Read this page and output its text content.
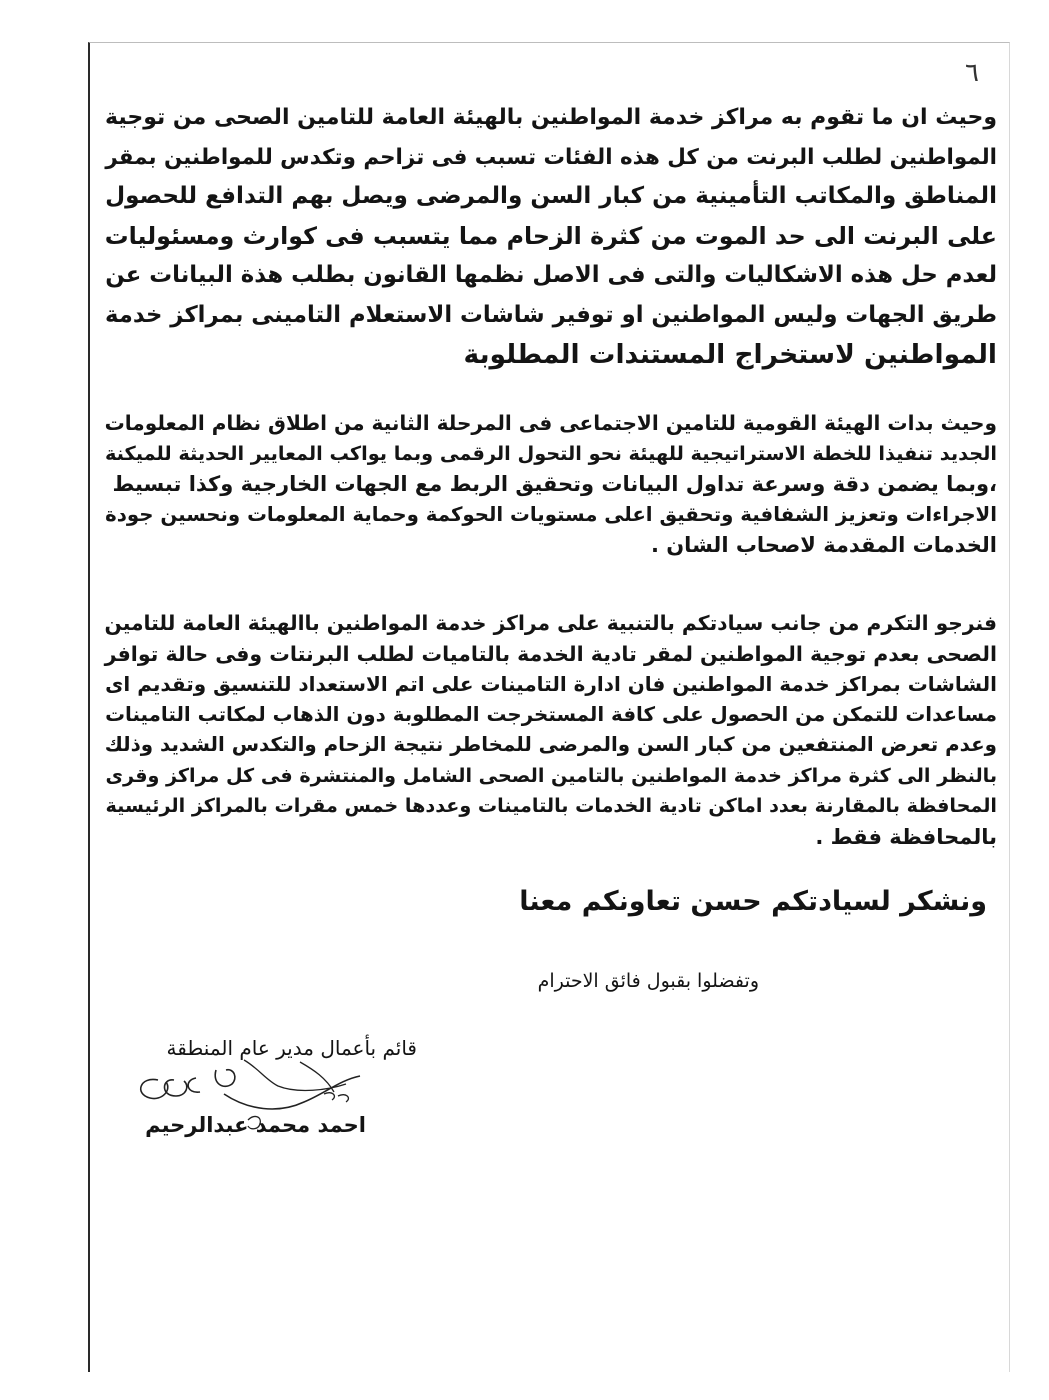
٦

وحيث ان ما تقوم به مراكز خدمة المواطنين بالهيئة العامة للتامين الصحى من توجية

المواطنين لطلب البرنت من كل هذه الفئات تسبب فى تزاحم وتكدس للمواطنين بمقر

المناطق والمكاتب التأمينية من كبار السن والمرضى ويصل بهم التدافع للحصول

على البرنت الى حد الموت من كثرة الزحام مما يتسبب فى كوارث ومسئوليات

لعدم حل هذه الاشكاليات والتى فى الاصل نظمها القانون بطلب هذة البيانات عن

طريق الجهات وليس المواطنين او توفير شاشات الاستعلام التامينى بمراكز خدمة

المواطنين لاستخراج المستندات المطلوبة

وحيث بدات الهيئة القومية للتامين الاجتماعى فى المرحلة الثانية من اطلاق نظام المعلومات

الجديد تنفيذا للخطة الاستراتيجية للهيئة نحو التحول الرقمى وبما يواكب المعايير الحديثة للميكنة

،وبما يضمن دقة وسرعة تداول البيانات وتحقيق الربط مع الجهات الخارجية وكذا تبسيط

الاجراءات وتعزيز الشفافية وتحقيق اعلى مستويات الحوكمة وحماية المعلومات ونحسين جودة

الخدمات المقدمة لاصحاب الشان .

فنرجو التكرم من جانب سيادتكم بالتنبية على مراكز خدمة المواطنين باالهيئة العامة للتامين

الصحى بعدم توجية المواطنين لمقر تادية الخدمة بالتاميات لطلب البرنتات وفى حالة توافر

الشاشات بمراكز خدمة المواطنين فان ادارة التامينات على اتم الاستعداد للتنسيق وتقديم اى

مساعدات للتمكن من الحصول على كافة المستخرجت المطلوبة دون الذهاب لمكاتب التامينات

وعدم تعرض المنتفعين من كبار السن والمرضى للمخاطر نتيجة الزحام والتكدس الشديد وذلك

بالنظر الى كثرة مراكز خدمة المواطنين بالتامين الصحى الشامل والمنتشرة فى كل مراكز وقرى

المحافظة بالمقارنة بعدد اماكن تادية الخدمات بالتامينات وعددها خمس مقرات بالمراكز الرئيسية

بالمحافظة فقط .

ونشكر لسيادتكم حسن تعاونكم معنا
وتفضلوا بقبول فائق الاحترام
قائم بأعمال مدير عام المنطقة
احمد محمد عبدالرحيم
